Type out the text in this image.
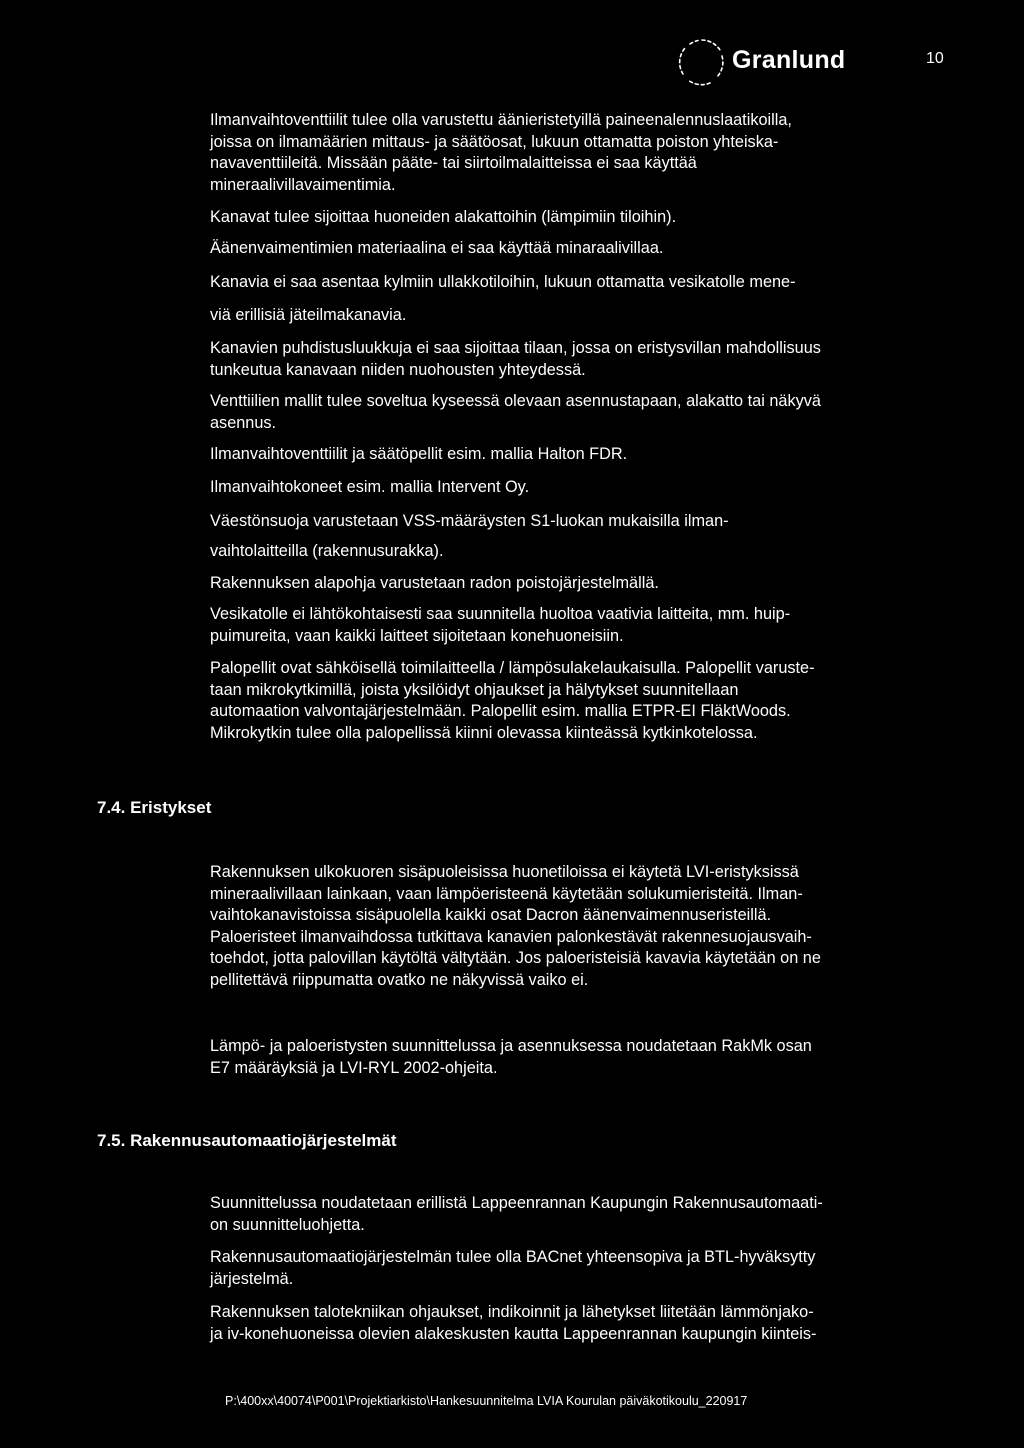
Granlund	10

Ilmanvaihtoventtiilit tulee olla varustettu äänieristetyillä paineenalennuslaatikoilla,
joissa on ilmamäärien mittaus- ja säätöosat, lukuun ottamatta poiston yhteiska-
navaventtiileitä. Missään pääte- tai siirtoilmalaitteissa ei saa käyttää
mineraalivillavaimentimia.

Kanavat tulee sijoittaa huoneiden alakattoihin (lämpimiin tiloihin).

Äänenvaimentimien materiaalina ei saa käyttää minaraalivillaa.

Kanavia ei saa asentaa kylmiin ullakkotiloihin, lukuun ottamatta vesikatolle mene-

viä erillisiä jäteilmakanavia.

Kanavien puhdistusluukkuja ei saa sijoittaa tilaan, jossa on eristysvillan mahdollisuus
tunkeutua kanavaan niiden nuohousten yhteydessä.

Venttiilien mallit tulee soveltua kyseessä olevaan asennustapaan, alakatto tai näkyvä
asennus.

Ilmanvaihtoventtiilit ja säätöpellit esim. mallia Halton FDR.

Ilmanvaihtokoneet esim. mallia Intervent Oy.

Väestönsuoja varustetaan VSS-määräysten S1-luokan mukaisilla ilman-

vaihtolaitteilla (rakennusurakka).

Rakennuksen alapohja varustetaan radon poistojärjestelmällä.

Vesikatolle ei lähtökohtaisesti saa suunnitella huoltoa vaativia laitteita, mm. huip-
puimureita, vaan kaikki laitteet sijoitetaan konehuoneisiin.

Palopellit ovat sähköisellä toimilaitteella / lämpösulakelaukaisulla. Palopellit varuste-
taan mikrokytkimillä, joista yksilöidyt ohjaukset ja hälytykset suunnitellaan
automaation valvontajärjestelmään. Palopellit esim. mallia ETPR-EI FläktWoods.
Mikrokytkin tulee olla palopellissä kiinni olevassa kiinteässä kytkinkotelossa.

7.4. Eristykset

Rakennuksen ulkokuoren sisäpuoleisissa huonetiloissa ei käytetä LVI-eristyksissä
mineraalivillaan lainkaan, vaan lämpöeristeenä käytetään solukumieristeitä. Ilman-
vaihtokanavistoissa sisäpuolella kaikki osat Dacron äänenvaimennuseristeillä.
Paloeristeet ilmanvaihdossa tutkittava kanavien palonkestävät rakennesuojausvaih-
toehdot, jotta palovillan käytöltä vältytään. Jos paloeristeisiä kavavia käytetään on ne
pellitettävä riippumatta ovatko ne näkyvissä vaiko ei.

Lämpö- ja paloeristysten suunnittelussa ja asennuksessa noudatetaan RakMk osan
E7 määräyksiä ja LVI-RYL 2002-ohjeita.

7.5. Rakennusautomaatiojärjestelmät

Suunnittelussa noudatetaan erillistä Lappeenrannan Kaupungin Rakennusautomaati-
on suunnitteluohjetta.

Rakennusautomaatiojärjestelmän tulee olla BACnet yhteensopiva ja BTL-hyväksytty
järjestelmä.

Rakennuksen talotekniikan ohjaukset, indikoinnit ja lähetykset liitetään lämmönjako-
ja iv-konehuoneissa olevien alakeskusten kautta Lappeenrannan kaupungin kiinteis-

P:\400xx\40074\P001\Projektiarkisto\Hankesuunnitelma LVIA Kourulan päiväkotikoulu_220917
